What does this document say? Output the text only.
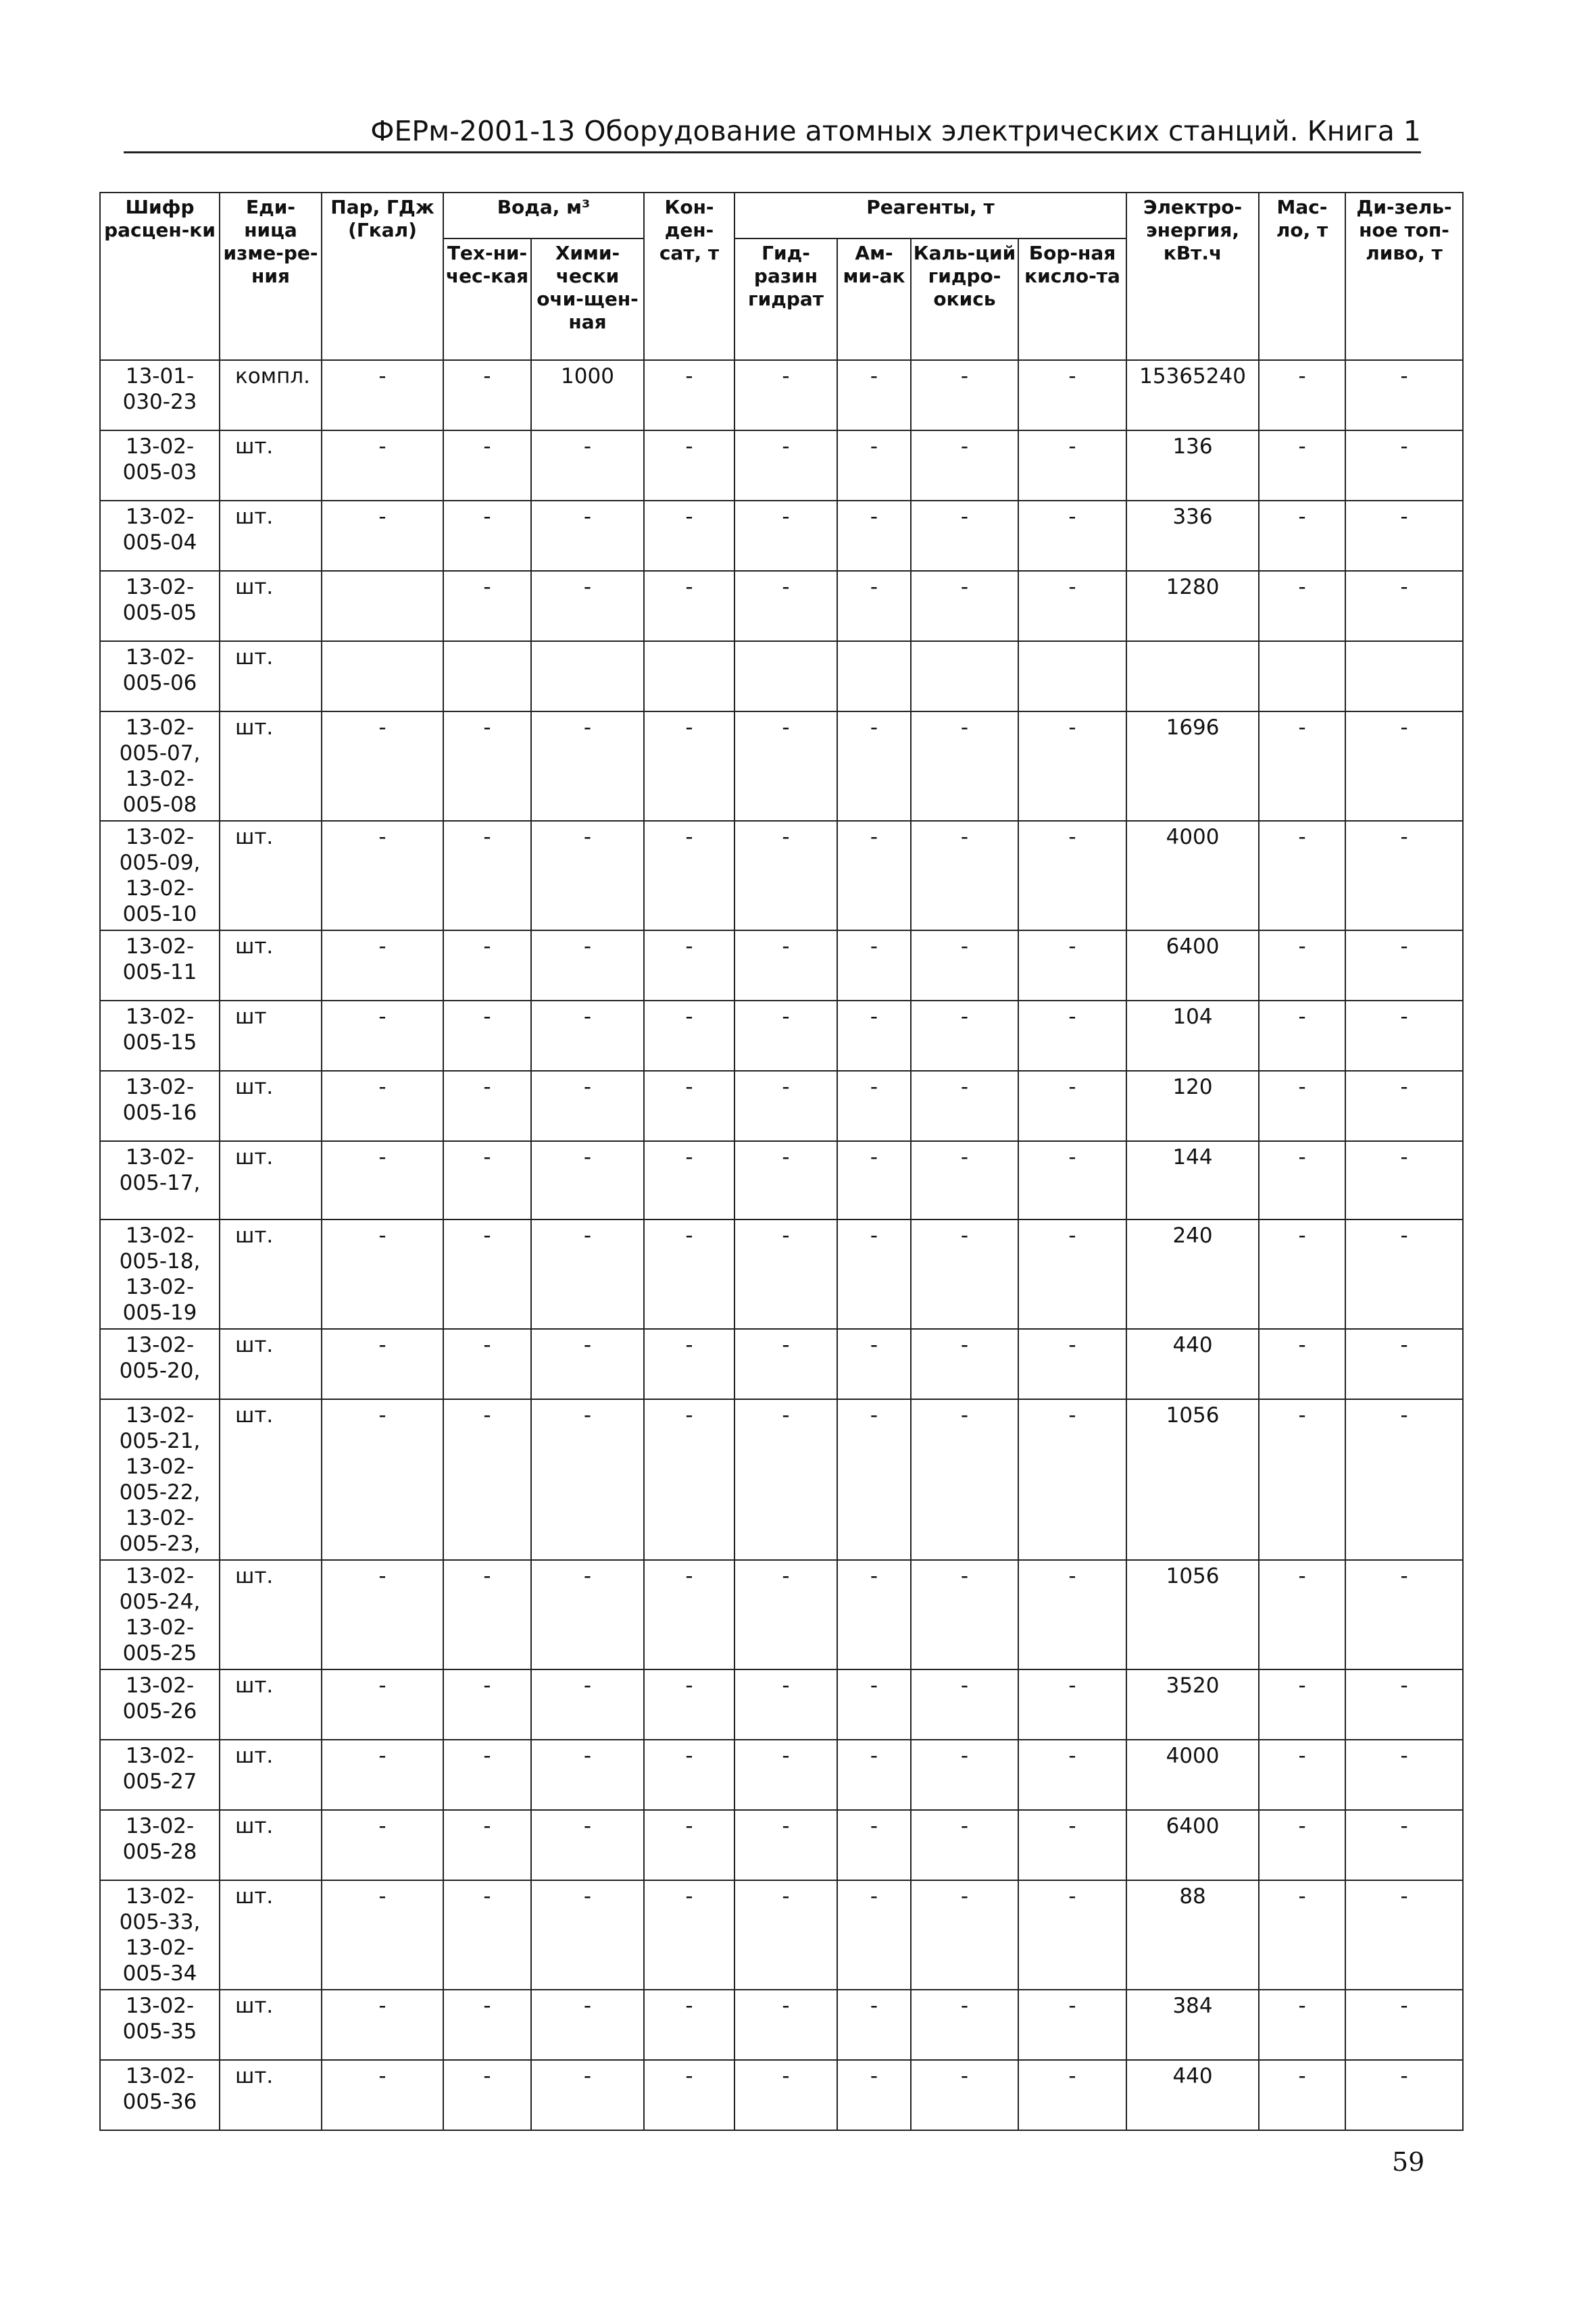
ФЕРм-2001-13 Оборудование атомных электрических станций. Книга 1
Шифр расцен-ки	Еди-ница изме-ре-ния	Пар, ГДж (Гкал)	Вода, м³		Кон-ден-сат, т	Реагенты, т				Электро-энергия, кВт.ч	Мас-ло, т	Ди-зель-ное топ-ливо, т
			Тех-ни-чес-кая	Хими-чески очи-щен-ная		Гид-разин гидрат	Ам-ми-ак	Каль-ций гидро-окись	Бор-ная кисло-та			
13-01-030-23	компл.	-	-	1000	-	-	-	-	-	15365240	-	-
13-02-005-03	шт.	-	-	-	-	-	-	-	-	136	-	-
13-02-005-04	шт.	-	-	-	-	-	-	-	-	336	-	-
13-02-005-05	шт.		-	-	-	-	-	-	-	1280	-	-
13-02-005-06	шт.											
13-02-005-07, 13-02-005-08	шт.	-	-	-	-	-	-	-	-	1696	-	-
13-02-005-09, 13-02-005-10	шт.	-	-	-	-	-	-	-	-	4000	-	-
13-02-005-11	шт.	-	-	-	-	-	-	-	-	6400	-	-
13-02-005-15	шт	-	-	-	-	-	-	-	-	104	-	-
13-02-005-16	шт.	-	-	-	-	-	-	-	-	120	-	-
13-02-005-17,	шт.	-	-	-	-	-	-	-	-	144	-	-
13-02-005-18, 13-02-005-19	шт.	-	-	-	-	-	-	-	-	240	-	-
13-02-005-20,	шт.	-	-	-	-	-	-	-	-	440	-	-
13-02-005-21, 13-02-005-22, 13-02-005-23,	шт.	-	-	-	-	-	-	-	-	1056	-	-
13-02-005-24, 13-02-005-25	шт.	-	-	-	-	-	-	-	-	1056	-	-
13-02-005-26	шт.	-	-	-	-	-	-	-	-	3520	-	-
13-02-005-27	шт.	-	-	-	-	-	-	-	-	4000	-	-
13-02-005-28	шт.	-	-	-	-	-	-	-	-	6400	-	-
13-02-005-33, 13-02-005-34	шт.	-	-	-	-	-	-	-	-	88	-	-
13-02-005-35	шт.	-	-	-	-	-	-	-	-	384	-	-
13-02-005-36	шт.	-	-	-	-	-	-	-	-	440	-	-
59
